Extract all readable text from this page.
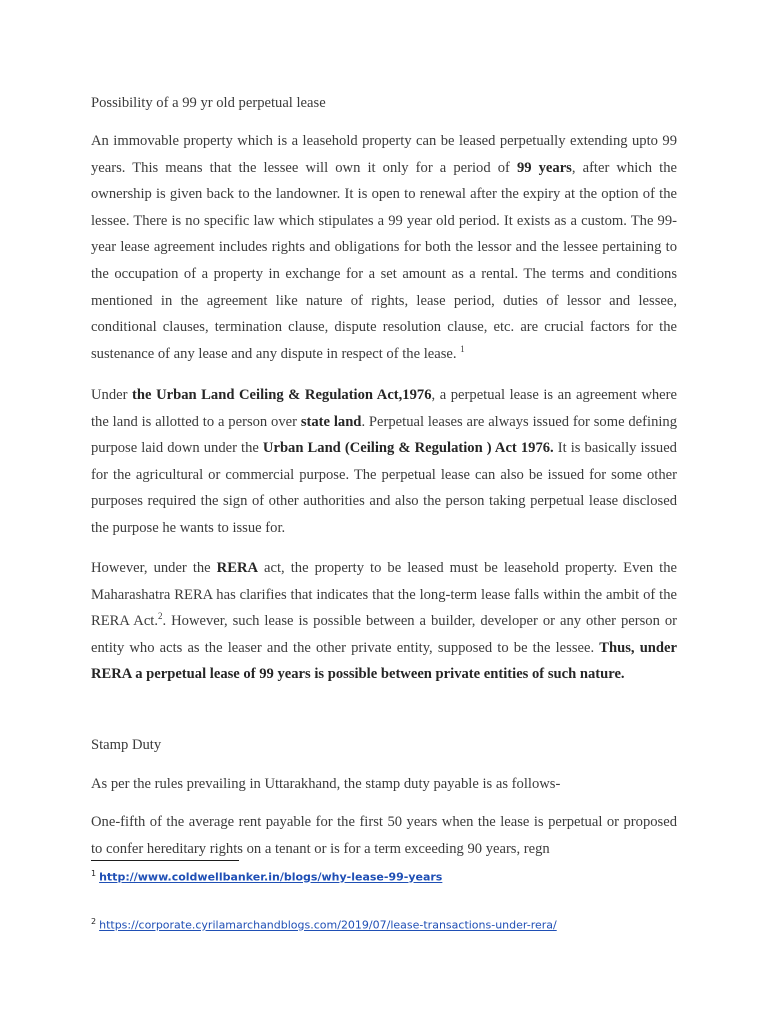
Possibility of a 99 yr old perpetual lease

An immovable property which is a leasehold property can be leased perpetually extending upto 99 years. This means that the lessee will own it only for a period of 99 years, after which the ownership is given back to the landowner. It is open to renewal after the expiry at the option of the lessee. There is no specific law which stipulates a 99 year old period. It exists as a custom. The 99-year lease agreement includes rights and obligations for both the lessor and the lessee pertaining to the occupation of a property in exchange for a set amount as a rental. The terms and conditions mentioned in the agreement like nature of rights, lease period, duties of lessor and lessee, conditional clauses, termination clause, dispute resolution clause, etc. are crucial factors for the sustenance of any lease and any dispute in respect of the lease. $^1$

Under the Urban Land Ceiling & Regulation Act,1976, a perpetual lease is an agreement where the land is allotted to a person over state land. Perpetual leases are always issued for some defining purpose laid down under the Urban Land (Ceiling & Regulation ) Act 1976. It is basically issued for the agricultural or commercial purpose. The perpetual lease can also be issued for some other purposes required the sign of other authorities and also the person taking perpetual lease disclosed the purpose he wants to issue for.

However, under the RERA act, the property to be leased must be leasehold property. Even the Maharashatra RERA has clarifies that indicates that the long-term lease falls within the ambit of the RERA Act.$^2$. However, such lease is possible between a builder, developer or any other person or entity who acts as the leaser and the other private entity, supposed to be the lessee. Thus, under RERA a perpetual lease of 99 years is possible between private entities of such nature.

Stamp Duty
As per the rules prevailing in Uttarakhand, the stamp duty payable is as follows-

One-fifth of the average rent payable for the first 50 years when the lease is perpetual or proposed to confer hereditary rights on a tenant or is for a term exceeding 90 years, regn

$^1$ http://www.coldwellbanker.in/blogs/why-lease-99-years
$^2$ https://corporate.cyrilamarchandblogs.com/2019/07/lease-transactions-under-rera/
